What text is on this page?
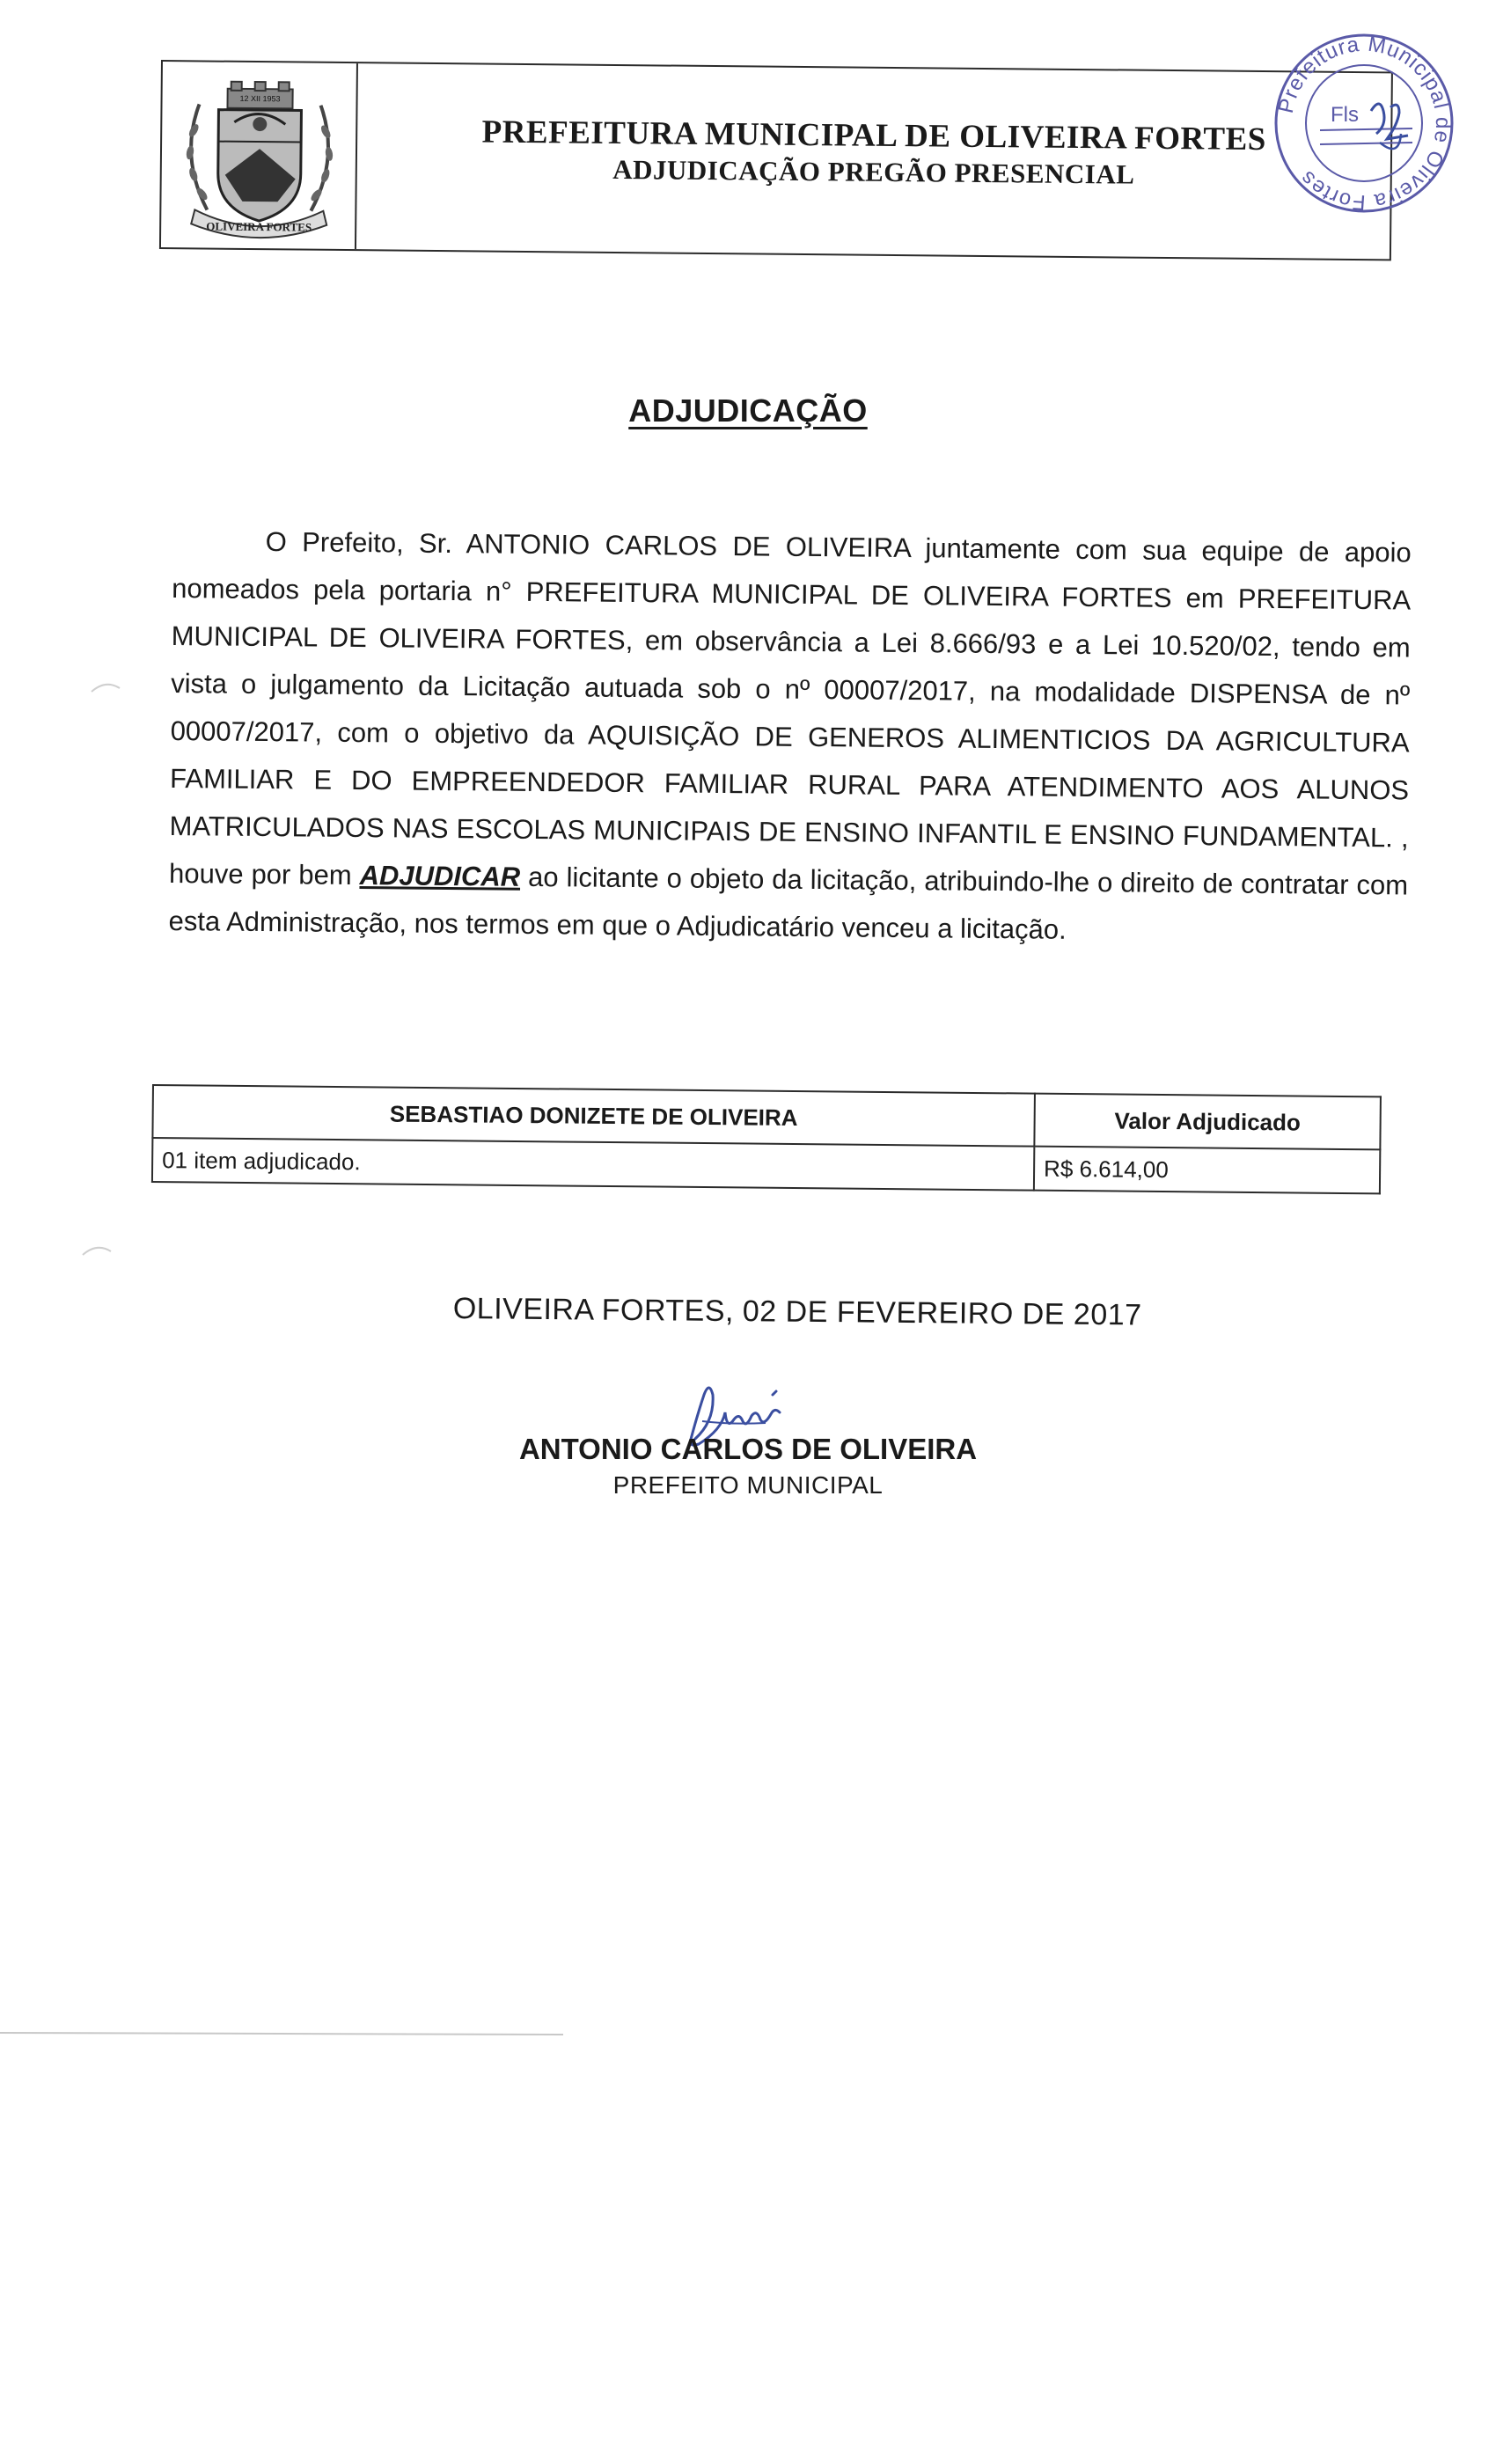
OLIVEIRA FORTES
12 XII 1953
PREFEITURA MUNICIPAL DE OLIVEIRA FORTES
ADJUDICAÇÃO PREGÃO PRESENCIAL
Prefeitura Municipal de Oliveira Fortes
Fls
ADJUDICAÇÃO
O Prefeito, Sr. ANTONIO CARLOS DE OLIVEIRA juntamente com sua equipe de apoio nomeados pela portaria n° PREFEITURA MUNICIPAL DE OLIVEIRA FORTES em PREFEITURA MUNICIPAL DE OLIVEIRA FORTES, em observância a Lei 8.666/93 e a Lei 10.520/02, tendo em vista o julgamento da Licitação autuada sob o nº 00007/2017, na modalidade DISPENSA de nº 00007/2017, com o objetivo da AQUISIÇÃO DE GENEROS ALIMENTICIOS DA AGRICULTURA FAMILIAR E DO EMPREENDEDOR FAMILIAR RURAL PARA ATENDIMENTO AOS ALUNOS MATRICULADOS NAS ESCOLAS MUNICIPAIS DE ENSINO INFANTIL E ENSINO FUNDAMENTAL. , houve por bem ADJUDICAR ao licitante o objeto da licitação, atribuindo-lhe o direito de contratar com esta Administração, nos termos em que o Adjudicatário venceu a licitação.
SEBASTIAO DONIZETE DE OLIVEIRA	Valor Adjudicado
01 item adjudicado.	R$ 6.614,00
OLIVEIRA FORTES, 02 DE FEVEREIRO DE 2017
ANTONIO CARLOS DE OLIVEIRA
PREFEITO MUNICIPAL
